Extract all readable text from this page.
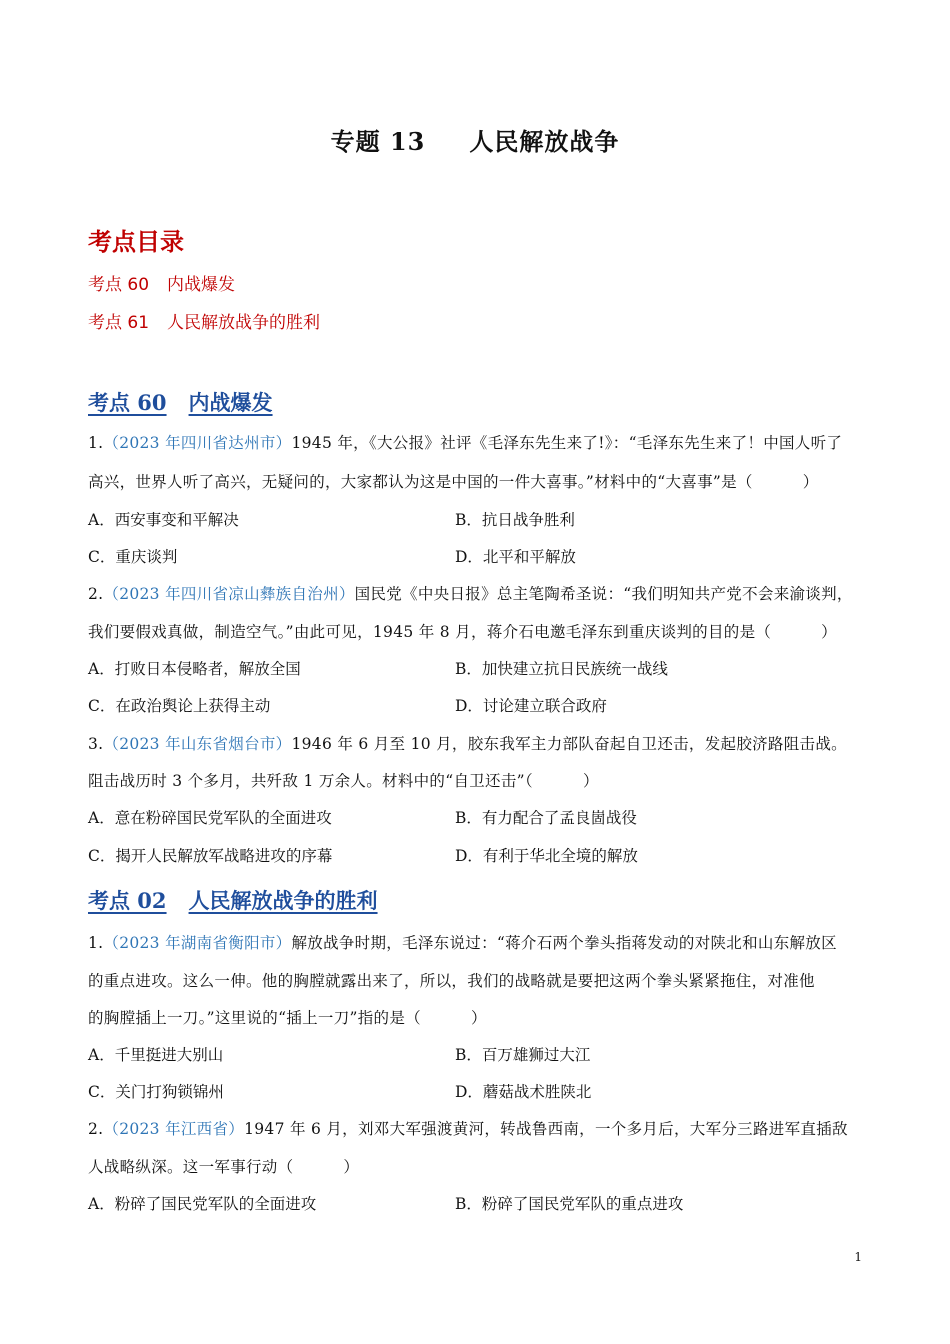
专题 13 人民解放战争
考点目录
考点 60 内战爆发
考点 61 人民解放战争的胜利
考点 60 内战爆发
1.（2023 年四川省达州市）1945 年，《大公报》社评《毛泽东先生来了!》：“毛泽东先生来了！中国人听了
高兴，世界人听了高兴，无疑问的，大家都认为这是中国的一件大喜事。”材料中的“大喜事”是（	）
A．西安事变和平解决	B．抗日战争胜利
C．重庆谈判	D．北平和平解放
2.（2023 年四川省凉山彝族自治州）国民党《中央日报》总主笔陶希圣说：“我们明知共产党不会来渝谈判，
我们要假戏真做，制造空气。”由此可见，1945 年 8 月，蒋介石电邀毛泽东到重庆谈判的目的是（	）
A．打败日本侵略者，解放全国	B．加快建立抗日民族统一战线
C．在政治舆论上获得主动	D．讨论建立联合政府
3.（2023 年山东省烟台市）1946 年 6 月至 10 月，胶东我军主力部队奋起自卫还击，发起胶济路阻击战。
阻击战历时 3 个多月，共歼敌 1 万余人。材料中的“自卫还击”（	）
A．意在粉碎国民党军队的全面进攻	B．有力配合了孟良崮战役
C．揭开人民解放军战略进攻的序幕	D．有利于华北全境的解放
考点 02 人民解放战争的胜利
1.（2023 年湖南省衡阳市）解放战争时期，毛泽东说过：“蒋介石两个拳头指蒋发动的对陕北和山东解放区
的重点进攻。这么一伸。他的胸膛就露出来了，所以，我们的战略就是要把这两个拳头紧紧拖住，对准他
的胸膛插上一刀。”这里说的“插上一刀”指的是（	）
A．千里挺进大别山	B．百万雄狮过大江
C．关门打狗锁锦州	D．蘑菇战术胜陕北
2.（2023 年江西省）1947 年 6 月，刘邓大军强渡黄河，转战鲁西南，一个多月后，大军分三路进军直插敌
人战略纵深。这一军事行动（	）
A．粉碎了国民党军队的全面进攻	B．粉碎了国民党军队的重点进攻
1
